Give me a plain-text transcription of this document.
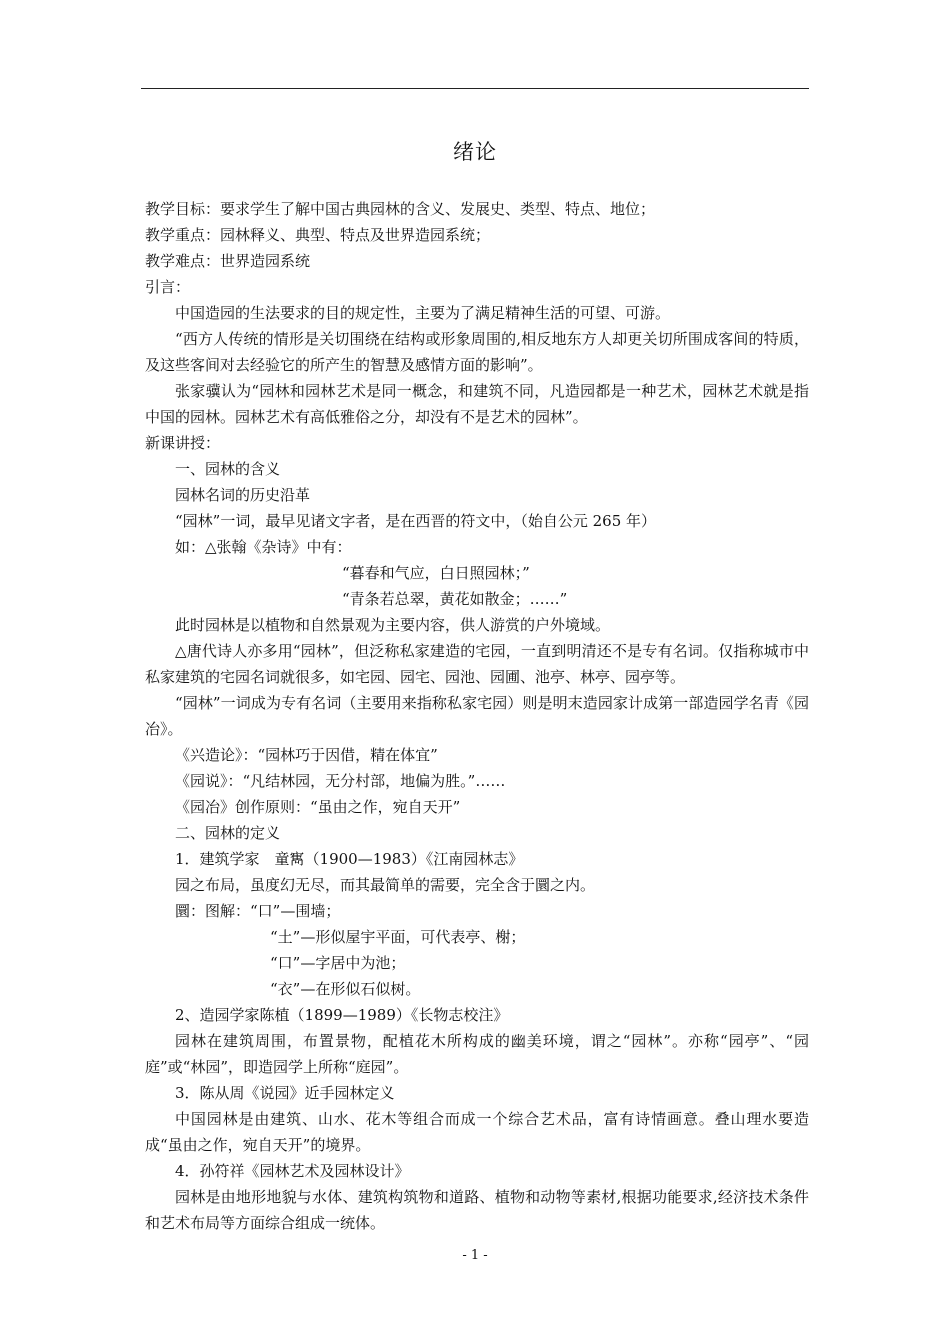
绪论

教学目标：要求学生了解中国古典园林的含义、发展史、类型、特点、地位；

教学重点：园林释义、典型、特点及世界造园系统；

教学难点：世界造园系统

引言：

中国造园的生法要求的目的规定性，主要为了满足精神生活的可望、可游。

“西方人传统的情形是关切围绕在结构或形象周围的,相反地东方人却更关切所围成客间的特质，及这些客间对去经验它的所产生的智慧及感情方面的影响”。

张家骥认为“园林和园林艺术是同一概念，和建筑不同，凡造园都是一种艺术，园林艺术就是指中国的园林。园林艺术有高低雅俗之分，却没有不是艺术的园林”。

新课讲授：

一、园林的含义

园林名词的历史沿革

“园林”一词，最早见诸文字者，是在西晋的符文中，（始自公元 265 年）

如：△张翰《杂诗》中有：

“暮春和气应，白日照园林；”

“青条若总翠，黄花如散金；……”

此时园林是以植物和自然景观为主要内容，供人游赏的户外境域。

△唐代诗人亦多用“园林”，但泛称私家建造的宅园，一直到明清还不是专有名词。仅指称城市中私家建筑的宅园名词就很多，如宅园、园宅、园池、园圃、池亭、林亭、园亭等。

“园林”一词成为专有名词（主要用来指称私家宅园）则是明末造园家计成第一部造园学名青《园冶》。

《兴造论》：“园林巧于因借，精在体宜”

《园说》：“凡结林园，无分村部，地偏为胜。”……

《园冶》创作原则：“虽由之作，宛自天开”

二、园林的定义

1．建筑学家　童寯（1900—1983）《江南园林志》

园之布局，虽度幻无尽，而其最简单的需要，完全含于圜之内。

圜：图解：“口”—围墙；

“土”—形似屋宇平面，可代表亭、榭；

“口”—字居中为池；

“衣”—在形似石似树。

2、造园学家陈植（1899—1989）《长物志校注》

园林在建筑周围，布置景物，配植花木所构成的幽美环境，谓之“园林”。亦称“园亭”、“园庭”或“林园”，即造园学上所称“庭园”。

3．陈从周《说园》近手园林定义

中国园林是由建筑、山水、花木等组合而成一个综合艺术品，富有诗情画意。叠山理水要造成“虽由之作，宛自天开”的境界。

4．孙符祥《园林艺术及园林设计》

园林是由地形地貌与水体、建筑构筑物和道路、植物和动物等素材,根据功能要求,经济技术条件和艺术布局等方面综合组成一统体。

- 1 -
